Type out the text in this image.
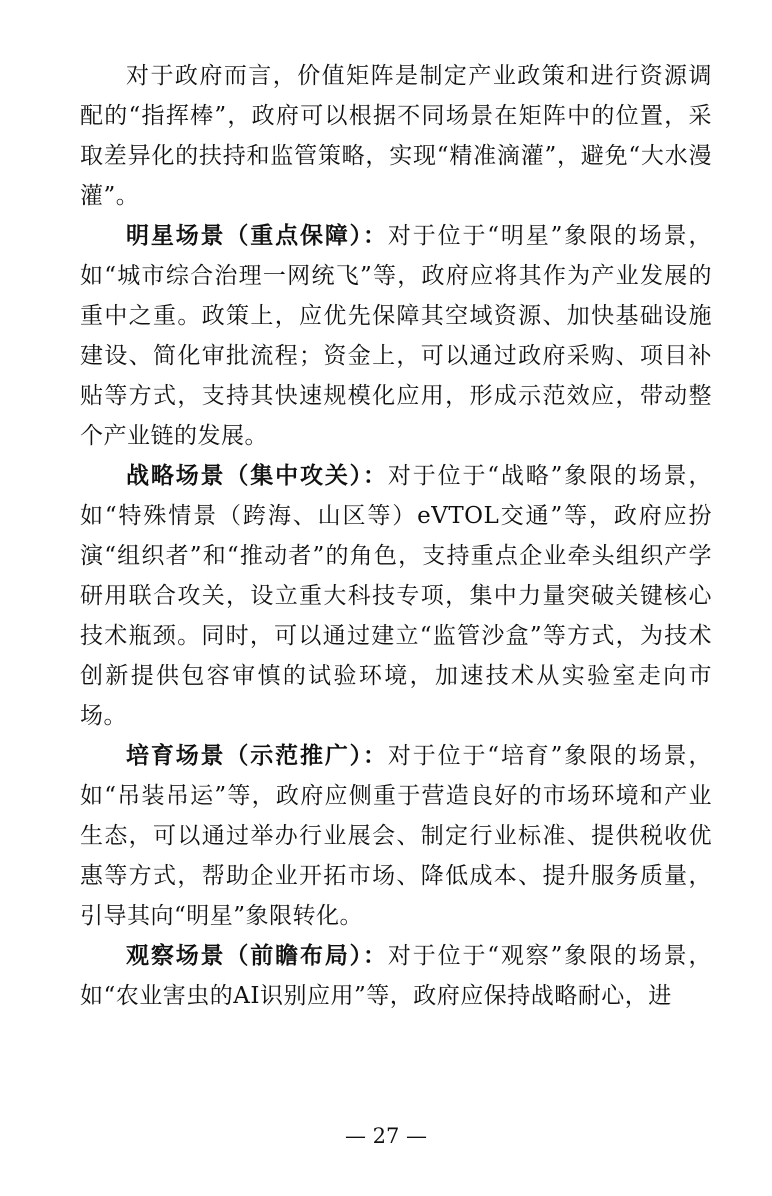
对于政府而言，价值矩阵是制定产业政策和进行资源调配的“指挥棒”，政府可以根据不同场景在矩阵中的位置，采取差异化的扶持和监管策略，实现“精准滴灌”，避免“大水漫灌”。

明星场景（重点保障）：对于位于“明星”象限的场景，如“城市综合治理一网统飞”等，政府应将其作为产业发展的重中之重。政策上，应优先保障其空域资源、加快基础设施建设、简化审批流程；资金上，可以通过政府采购、项目补贴等方式，支持其快速规模化应用，形成示范效应，带动整个产业链的发展。

战略场景（集中攻关）：对于位于“战略”象限的场景，如“特殊情景（跨海、山区等）eVTOL交通”等，政府应扮演“组织者”和“推动者”的角色，支持重点企业牵头组织产学研用联合攻关，设立重大科技专项，集中力量突破关键核心技术瓶颈。同时，可以通过建立“监管沙盒”等方式，为技术创新提供包容审慎的试验环境，加速技术从实验室走向市场。

培育场景（示范推广）：对于位于“培育”象限的场景，如“吊装吊运”等，政府应侧重于营造良好的市场环境和产业生态，可以通过举办行业展会、制定行业标准、提供税收优惠等方式，帮助企业开拓市场、降低成本、提升服务质量，引导其向“明星”象限转化。

观察场景（前瞻布局）：对于位于“观察”象限的场景，如“农业害虫的AI识别应用”等，政府应保持战略耐心，进

— 27 —
